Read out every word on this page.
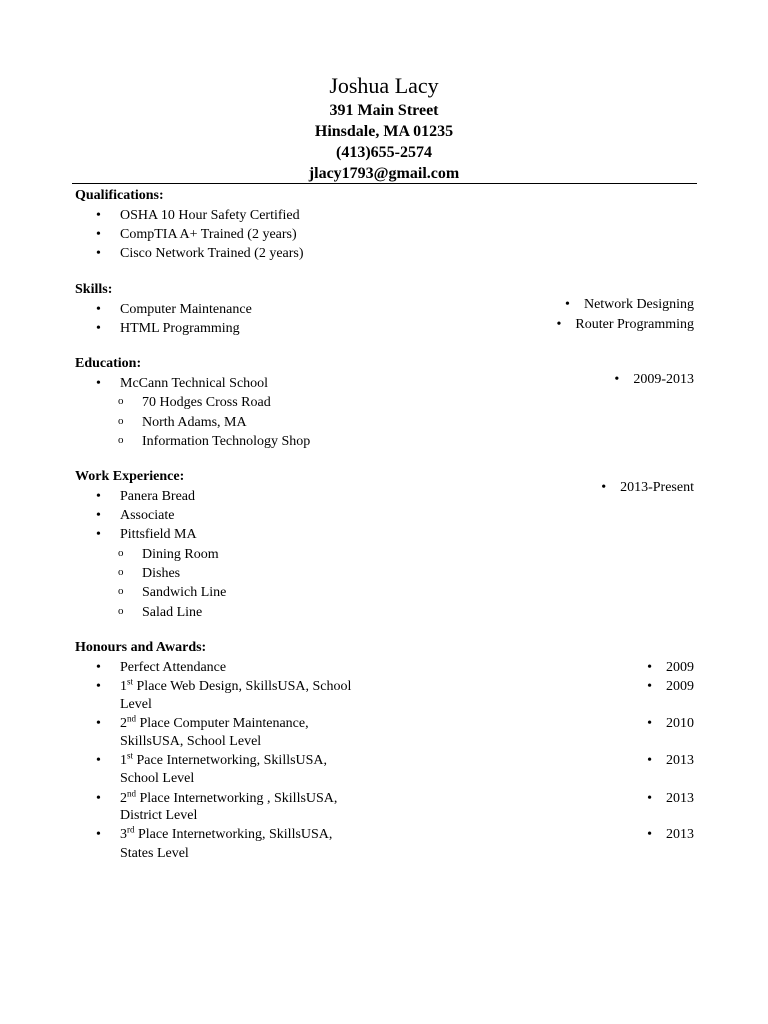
Joshua Lacy
391 Main Street
Hinsdale, MA 01235
(413)655-2574
jlacy1793@gmail.com
Qualifications:
• OSHA 10 Hour Safety Certified
• CompTIA A+ Trained (2 years)
• Cisco Network Trained (2 years)
Skills:
• Computer Maintenance
• HTML Programming
• Network Designing
• Router Programming
Education:
• McCann Technical School
o 70 Hodges Cross Road
o North Adams, MA
o Information Technology Shop
• 2009-2013
Work Experience:
• Panera Bread
• Associate
• Pittsfield MA
o Dining Room
o Dishes
o Sandwich Line
o Salad Line
• 2013-Present
Honours and Awards:
• Perfect Attendance	• 2009
• 1st Place Web Design, SkillsUSA, School
Level
• 2009
• 2nd Place Computer Maintenance,
SkillsUSA, School Level
• 2010
• 1st Pace Internetworking, SkillsUSA,
School Level
• 2013
• 2nd Place Internetworking , SkillsUSA,
District Level
• 2013
• 3rd Place Internetworking, SkillsUSA,
States Level
• 2013
